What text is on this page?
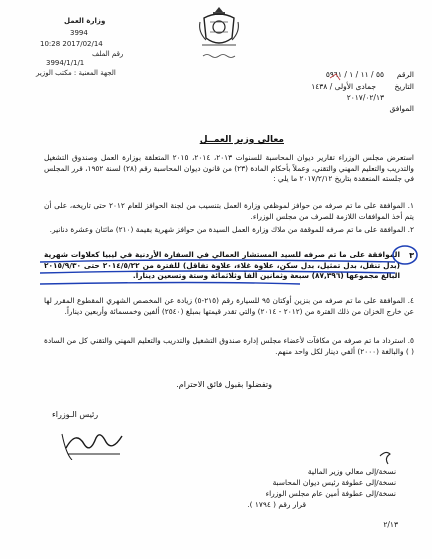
وزارة العمل
3994
10:28 2017/02/14
رقم الملف
3994/1/1/1
الجهة المعنية : مكتب الوزير	الرقم
٥٥ / ١١ / ١ / ٥٩٦١
التاريخ
جمادى الأولى / ١٤٣٨
٢٠١٧/٠٢/١٣
الموافق
معالي وزير العمــل
استعرض مجلس الوزراء تقارير ديوان المحاسبة للسنوات ٢٠١٣، ٢٠١٤، ٢٠١٥ المتعلقة بوزارة العمل وصندوق التشغيل والتدريب والتعليم المهني والتقني، وعملاً بأحكام المادة (٢٣) من قانون ديوان المحاسبة رقم (٢٨) لسنة ١٩٥٢، قرر المجلس في جلسته المنعقدة بتاريخ ٢٠١٧/٢/١٢ ما يلي :
١. الموافقة على ما تم صرفه من حوافز لموظفي وزارة العمل بتنسيب من لجنة الحوافز للعام ٢٠١٢ حتى تاريخه، على أن يتم أخذ الموافقات اللازمة للصرف من مجلس الوزراء.
٢. الموافقة على ما تم صرفه للموقفة من ملاك وزارة العمل السيدة من حوافز شهرية بقيمة (٢١٠) مائتان وعشرة دنانير.
٣
الموافقة على ما تم صرفه للسيد المستشار العمالي في السفارة الأردنية في ليبيا كعلاوات شهرية (بدل تنقل، بدل تمثيل، بدل سكن، علاوة غلاء، علاوة تفاقل) للفترة من ٢٠١٤/٥/٢٢ حتى ٢٠١٥/٩/٣٠ البالغ مجموعها (٨٧,٣٩٦) سبعة وثمانين ألفاً وثلاثمائة وستة وتسعين ديناراً.
٤. الموافقة على ما تم صرفه من بنزين أوكتان ٩٥ للسيارة رقم (٢١٥-٥) زيادة عن المخصص الشهري المقطوع المقرر لها عن خارج الخزان من ذلك الفترة من (٢٠١٢ - ٢٠١٤) والتي تقدر قيمتها بمبلغ (٢٥٤٠) ألفين وخمسمائة وأربعين ديناراً.
٥. استرداد ما تم صرفه من مكافآت لأعضاء مجلس إدارة صندوق التشغيل والتدريب والتعليم المهني والتقني كل من السادة ( ) والبالغة (٢٠٠٠) ألفي دينار لكل واحد منهم.
وتفضلوا بقبول فائق الاحترام.
رئيس الـوزراء
نسخة/إلى معالي وزير المالية
نسخة/إلى عطوفة رئيس ديوان المحاسبة
نسخة/إلى عطوفة أمين عام مجلس الوزراء
قرار رقم ( ١٧٩٤ ).
٢/١٣
